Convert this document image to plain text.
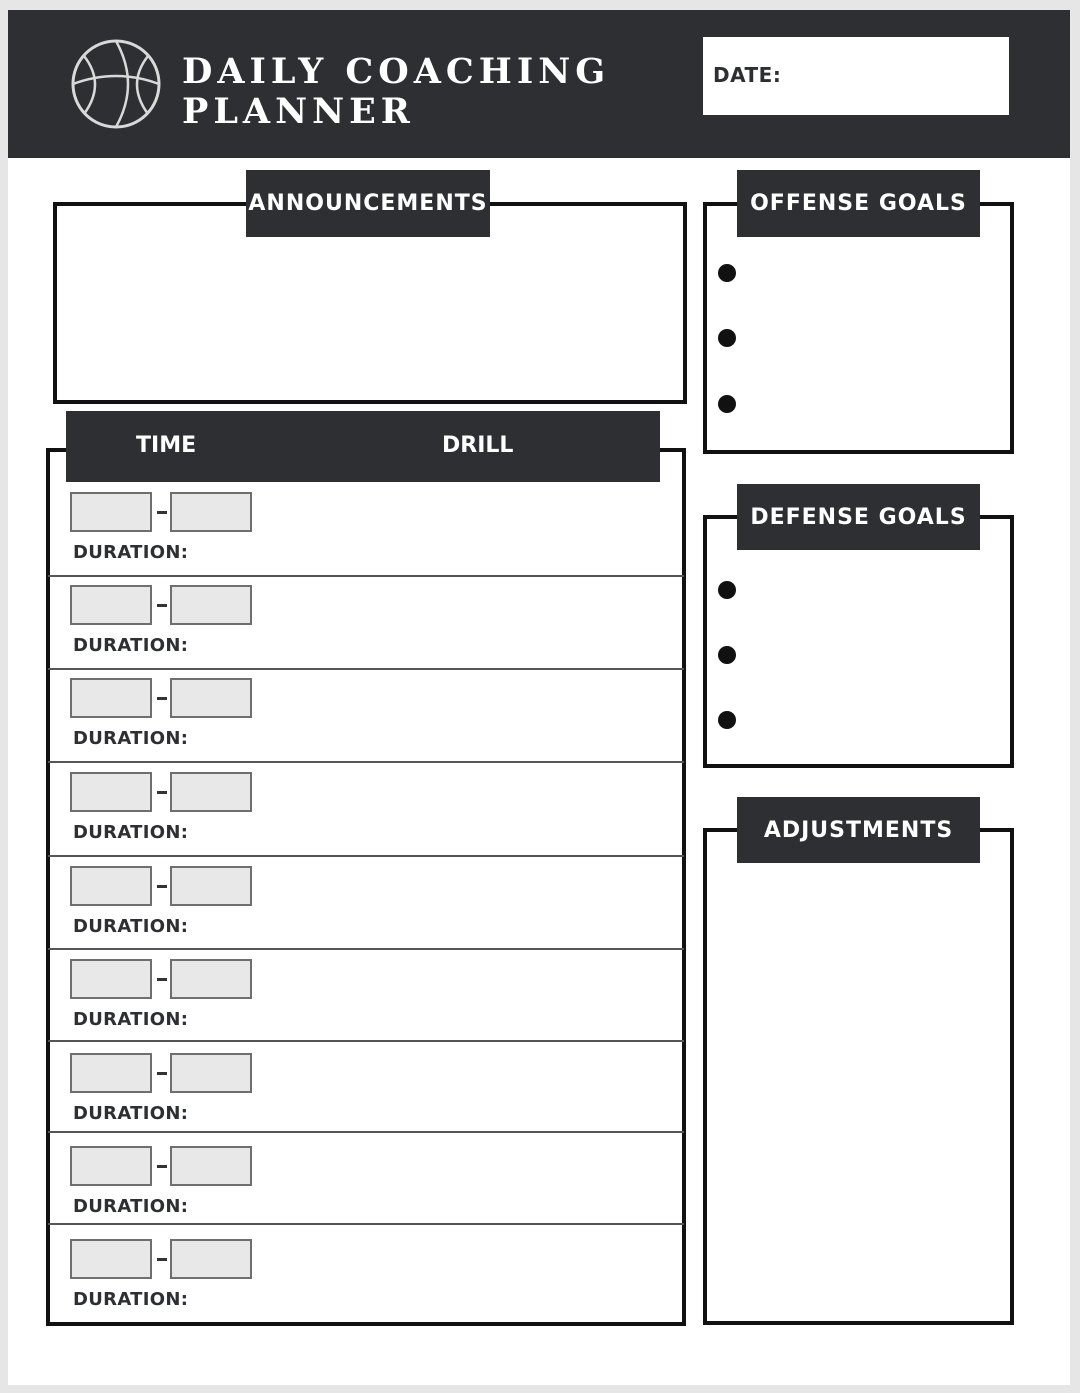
DAILY COACHING
PLANNER
DATE:
ANNOUNCEMENTS	OFFENSE GOALS
DEFENSE GOALS
ADJUSTMENTS
TIME	DRILL
DURATION:
DURATION:
DURATION:
DURATION:
DURATION:
DURATION:
DURATION:
DURATION:
DURATION:
